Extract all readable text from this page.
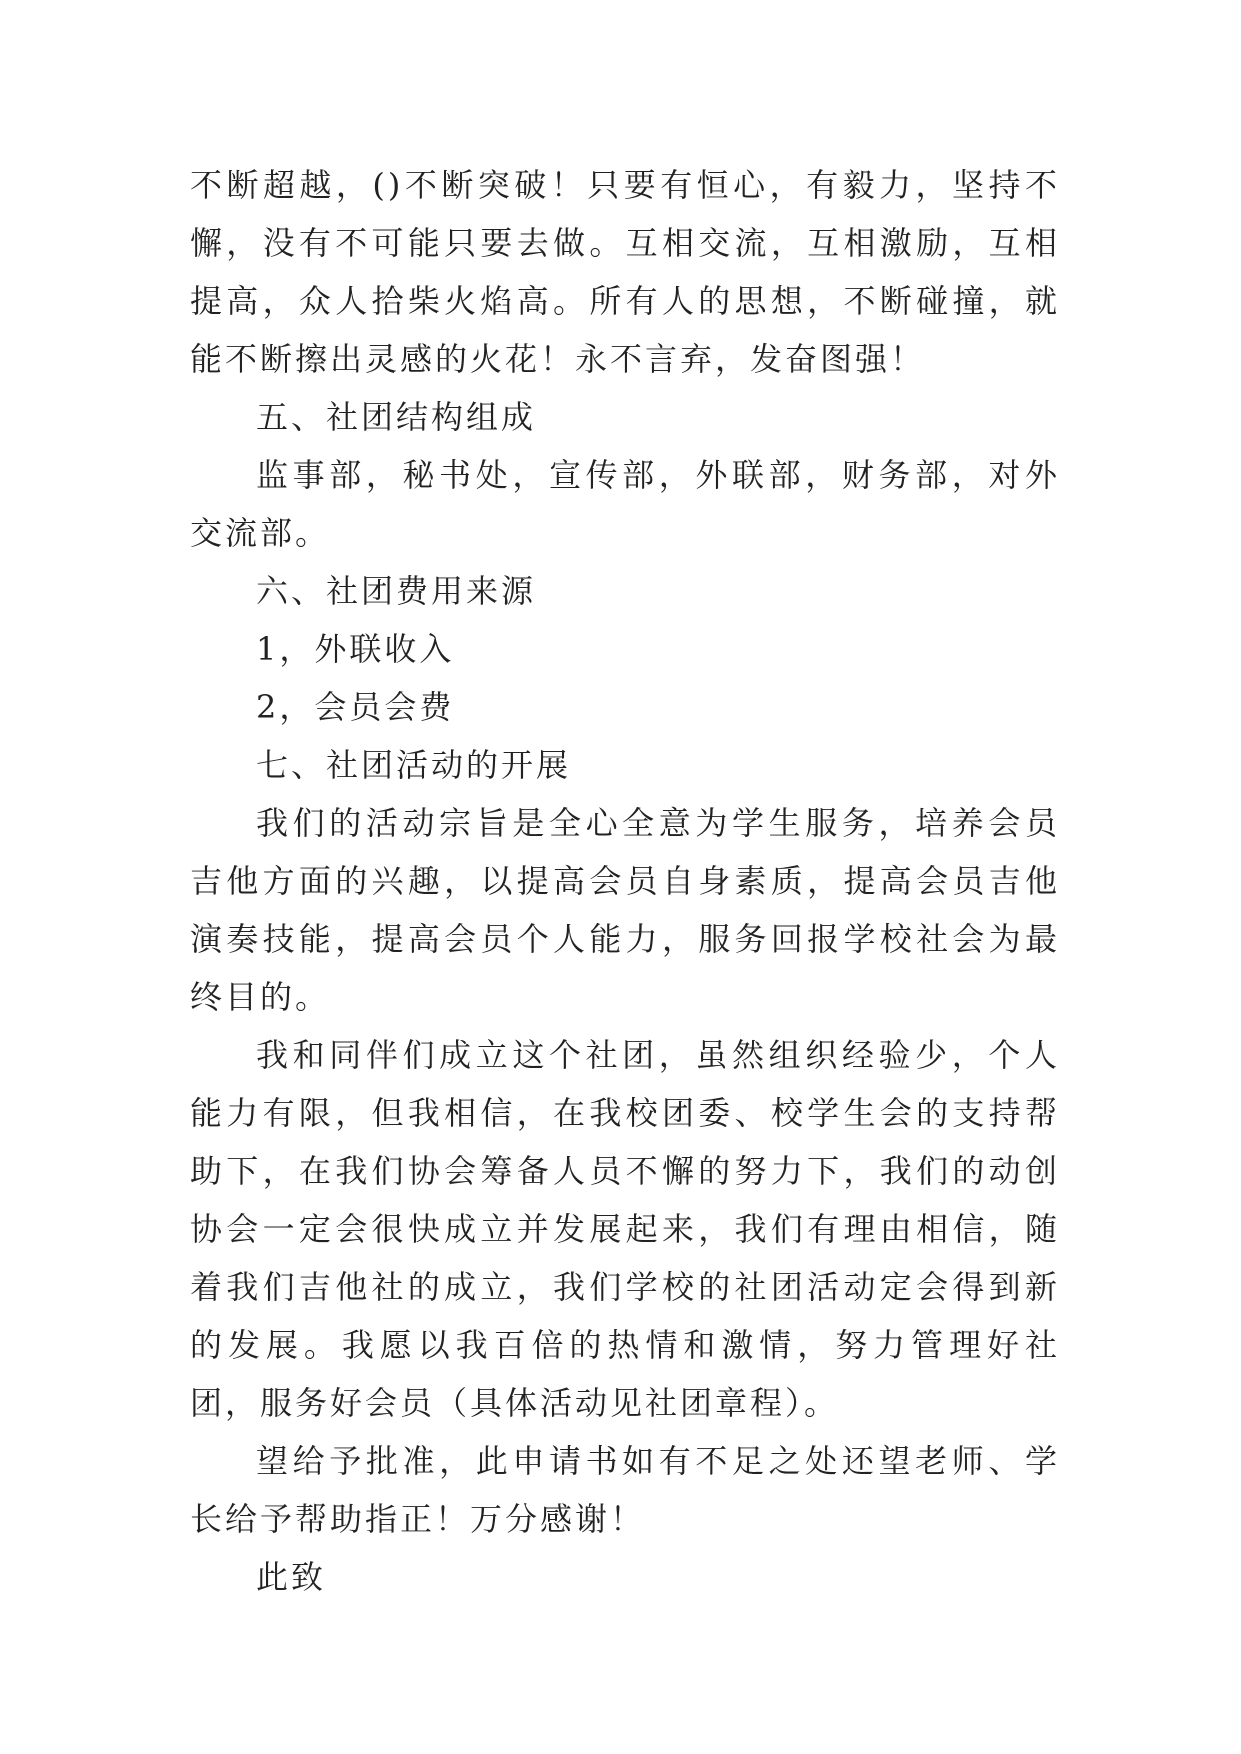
不断超越，()不断突破！只要有恒心，有毅力，坚持不懈，没有不可能只要去做。互相交流，互相激励，互相提高，众人拾柴火焰高。所有人的思想，不断碰撞，就能不断擦出灵感的火花！永不言弃，发奋图强！

五、社团结构组成

监事部，秘书处，宣传部，外联部，财务部，对外交流部。

六、社团费用来源

1，外联收入

2，会员会费

七、社团活动的开展

我们的活动宗旨是全心全意为学生服务，培养会员吉他方面的兴趣，以提高会员自身素质，提高会员吉他演奏技能，提高会员个人能力，服务回报学校社会为最终目的。

我和同伴们成立这个社团，虽然组织经验少，个人能力有限，但我相信，在我校团委、校学生会的支持帮助下，在我们协会筹备人员不懈的努力下，我们的动创协会一定会很快成立并发展起来，我们有理由相信，随着我们吉他社的成立，我们学校的社团活动定会得到新的发展。我愿以我百倍的热情和激情，努力管理好社团，服务好会员（具体活动见社团章程）。

望给予批准，此申请书如有不足之处还望老师、学长给予帮助指正！万分感谢！

此致
